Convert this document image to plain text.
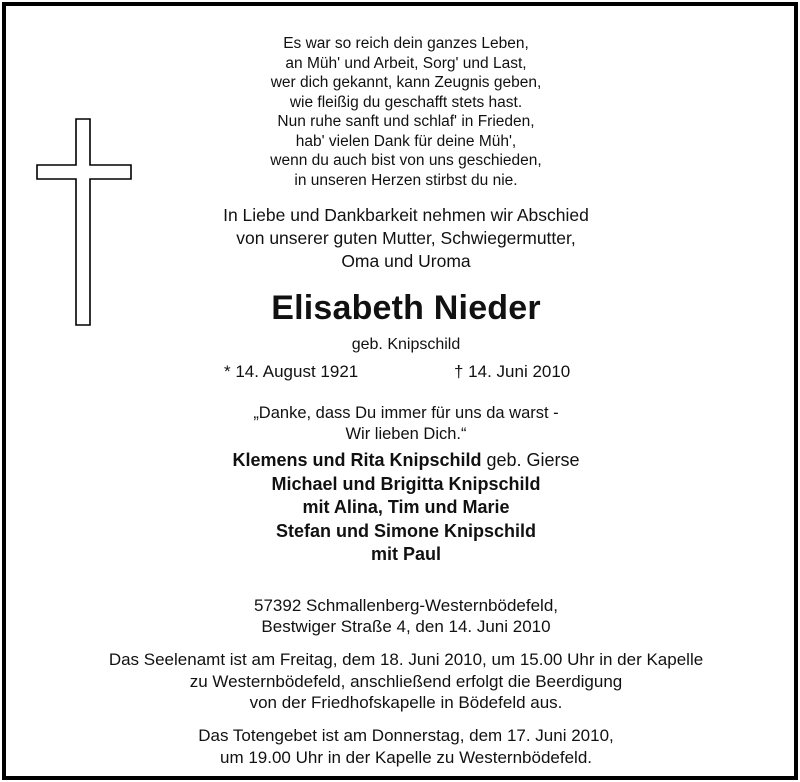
Es war so reich dein ganzes Leben,
an Müh' und Arbeit, Sorg' und Last,
wer dich gekannt, kann Zeugnis geben,
wie fleißig du geschafft stets hast.
Nun ruhe sanft und schlaf' in Frieden,
hab' vielen Dank für deine Müh',
wenn du auch bist von uns geschieden,
in unseren Herzen stirbst du nie.
In Liebe und Dankbarkeit nehmen wir Abschied
von unserer guten Mutter, Schwiegermutter,
Oma und Uroma
Elisabeth Nieder
geb. Knipschild
* 14. August 1921	† 14. Juni 2010
„Danke, dass Du immer für uns da warst -
Wir lieben Dich.“
Klemens und Rita Knipschild geb. Gierse
Michael und Brigitta Knipschild
mit Alina, Tim und Marie
Stefan und Simone Knipschild
mit Paul
57392 Schmallenberg-Westernbödefeld,
Bestwiger Straße 4, den 14. Juni 2010
Das Seelenamt ist am Freitag, dem 18. Juni 2010, um 15.00 Uhr in der Kapelle
zu Westernbödefeld, anschließend erfolgt die Beerdigung
von der Friedhofskapelle in Bödefeld aus.
Das Totengebet ist am Donnerstag, dem 17. Juni 2010,
um 19.00 Uhr in der Kapelle zu Westernbödefeld.
